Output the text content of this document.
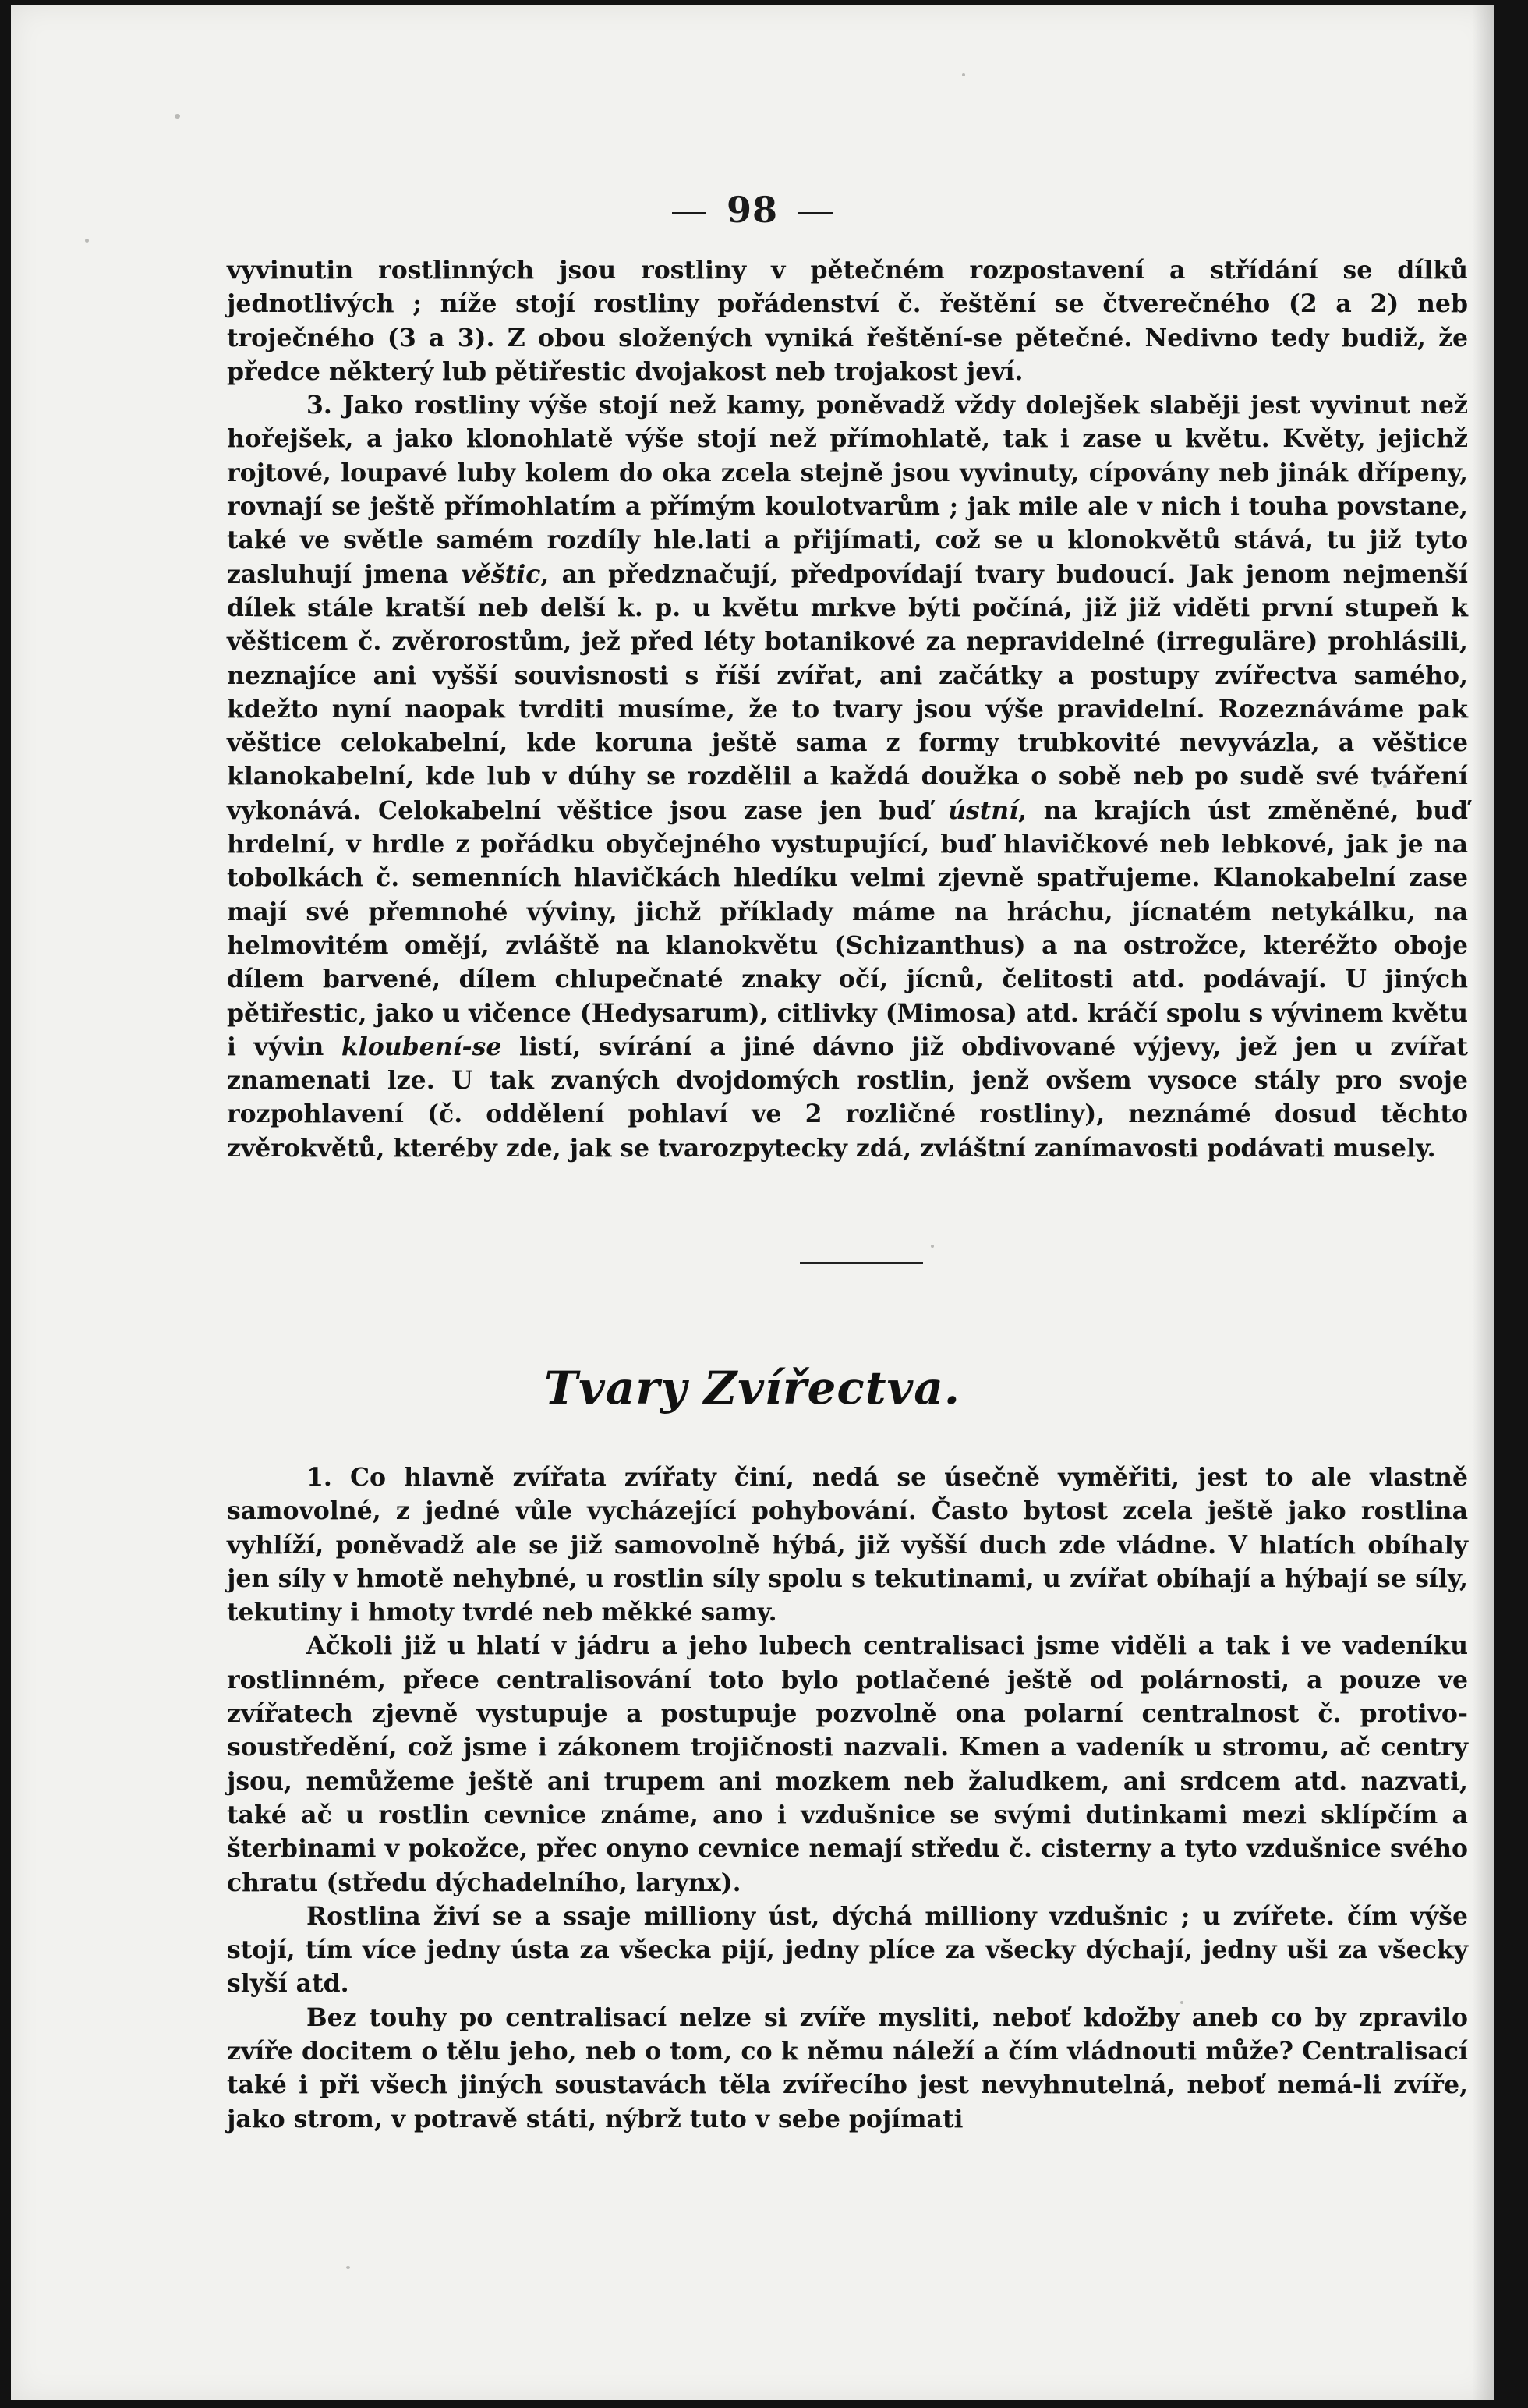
98

vyvinutin rostlinných jsou rostliny v pětečném rozpostavení a střídání se dílků jednotlivých ; níže stojí rostliny pořádenství č. řeštění se čtverečného (2 a 2) neb troječného (3 a 3). Z obou složených vyniká řeštění-se pětečné. Nedivno tedy budiž, že předce některý lub pětiřestic dvojakost neb trojakost jeví.

3. Jako rostliny výše stojí než kamy, poněvadž vždy dolejšek slaběji jest vyvinut než hořejšek, a jako klonohlatě výše stojí než přímohlatě, tak i zase u květu. Květy, jejichž rojtové, loupavé luby kolem do oka zcela stejně jsou vyvinuty, cípovány neb jinák dřípeny, rovnají se ještě přímohlatím a přímým koulotvarům ; jak mile ale v nich i touha povstane, také ve světle samém rozdíly hle.lati a přijímati, což se u klonokvětů stává, tu již tyto zasluhují jmena věštic, an předznačují, předpovídají tvary budoucí. Jak jenom nejmenší dílek stále kratší neb delší k. p. u květu mrkve býti počíná, již již viděti první stupeň k věšticem č. zvěrorostům, jež před léty botanikové za nepravidelné (irreguläre) prohlásili, neznajíce ani vyšší souvisnosti s říší zvířat, ani začátky a postupy zvířectva samého, kdežto nyní naopak tvrditi musíme, že to tvary jsou výše pravidelní. Rozeznáváme pak věštice celokabelní, kde koruna ještě sama z formy trubkovité nevyvázla, a věštice klanokabelní, kde lub v dúhy se rozdělil a každá doužka o sobě neb po sudě své tváření vykonává. Celokabelní věštice jsou zase jen buď ústní, na krajích úst změněné, buď hrdelní, v hrdle z pořádku obyčejného vystupující, buď hlavičkové neb lebkové, jak je na tobolkách č. semenních hlavičkách hledíku velmi zjevně spatřujeme. Klanokabelní zase mají své přemnohé výviny, jichž příklady máme na hráchu, jícnatém netykálku, na helmovitém omějí, zvláště na klanokvětu (Schizanthus) a na ostrožce, kteréžto oboje dílem barvené, dílem chlupečnaté znaky očí, jícnů, čelitosti atd. podávají. U jiných pětiřestic, jako u vičence (Hedysarum), citlivky (Mimosa) atd. kráčí spolu s vývinem květu i vývin kloubení-se listí, svírání a jiné dávno již obdivované výjevy, jež jen u zvířat znamenati lze. U tak zvaných dvojdomých rostlin, jenž ovšem vysoce stály pro svoje rozpohlavení (č. oddělení pohlaví ve 2 rozličné rostliny), neznámé dosud těchto zvěrokvětů, kteréby zde, jak se tvarozpytecky zdá, zvláštní zanímavosti podávati musely.

Tvary Zvířectva.

1. Co hlavně zvířata zvířaty činí, nedá se úsečně vyměřiti, jest to ale vlastně samovolné, z jedné vůle vycházející pohybování. Často bytost zcela ještě jako rostlina vyhlíží, poněvadž ale se již samovolně hýbá, již vyšší duch zde vládne. V hlatích obíhaly jen síly v hmotě nehybné, u rostlin síly spolu s tekutinami, u zvířat obíhají a hýbají se síly, tekutiny i hmoty tvrdé neb měkké samy.

Ačkoli již u hlatí v jádru a jeho lubech centralisaci jsme viděli a tak i ve vadeníku rostlinném, přece centralisování toto bylo potlačené ještě od polárnosti, a pouze ve zvířatech zjevně vystupuje a postupuje pozvolně ona polarní centralnost č. protivo- soustředění, což jsme i zákonem trojičnosti nazvali. Kmen a vadeník u stromu, ač centry jsou, nemůžeme ještě ani trupem ani mozkem neb žaludkem, ani srdcem atd. nazvati, také ač u rostlin cevnice známe, ano i vzdušnice se svými dutinkami mezi sklípčím a šterbinami v pokožce, přec onyno cevnice nemají středu č. cisterny a tyto vzdušnice svého chratu (středu dýchadelního, larynx).

Rostlina živí se a ssaje milliony úst, dýchá milliony vzdušnic ; u zvířete. čím výše stojí, tím více jedny ústa za všecka pijí, jedny plíce za všecky dýchají, jedny uši za všecky slyší atd.

Bez touhy po centralisací nelze si zvíře mysliti, neboť kdožby aneb co by zpravilo zvíře docitem o tělu jeho, neb o tom, co k němu náleží a čím vládnouti může? Centralisací také i při všech jiných soustavách těla zvířecího jest nevyhnutelná, neboť nemá-li zvíře, jako strom, v potravě státi, nýbrž tuto v sebe pojímati
